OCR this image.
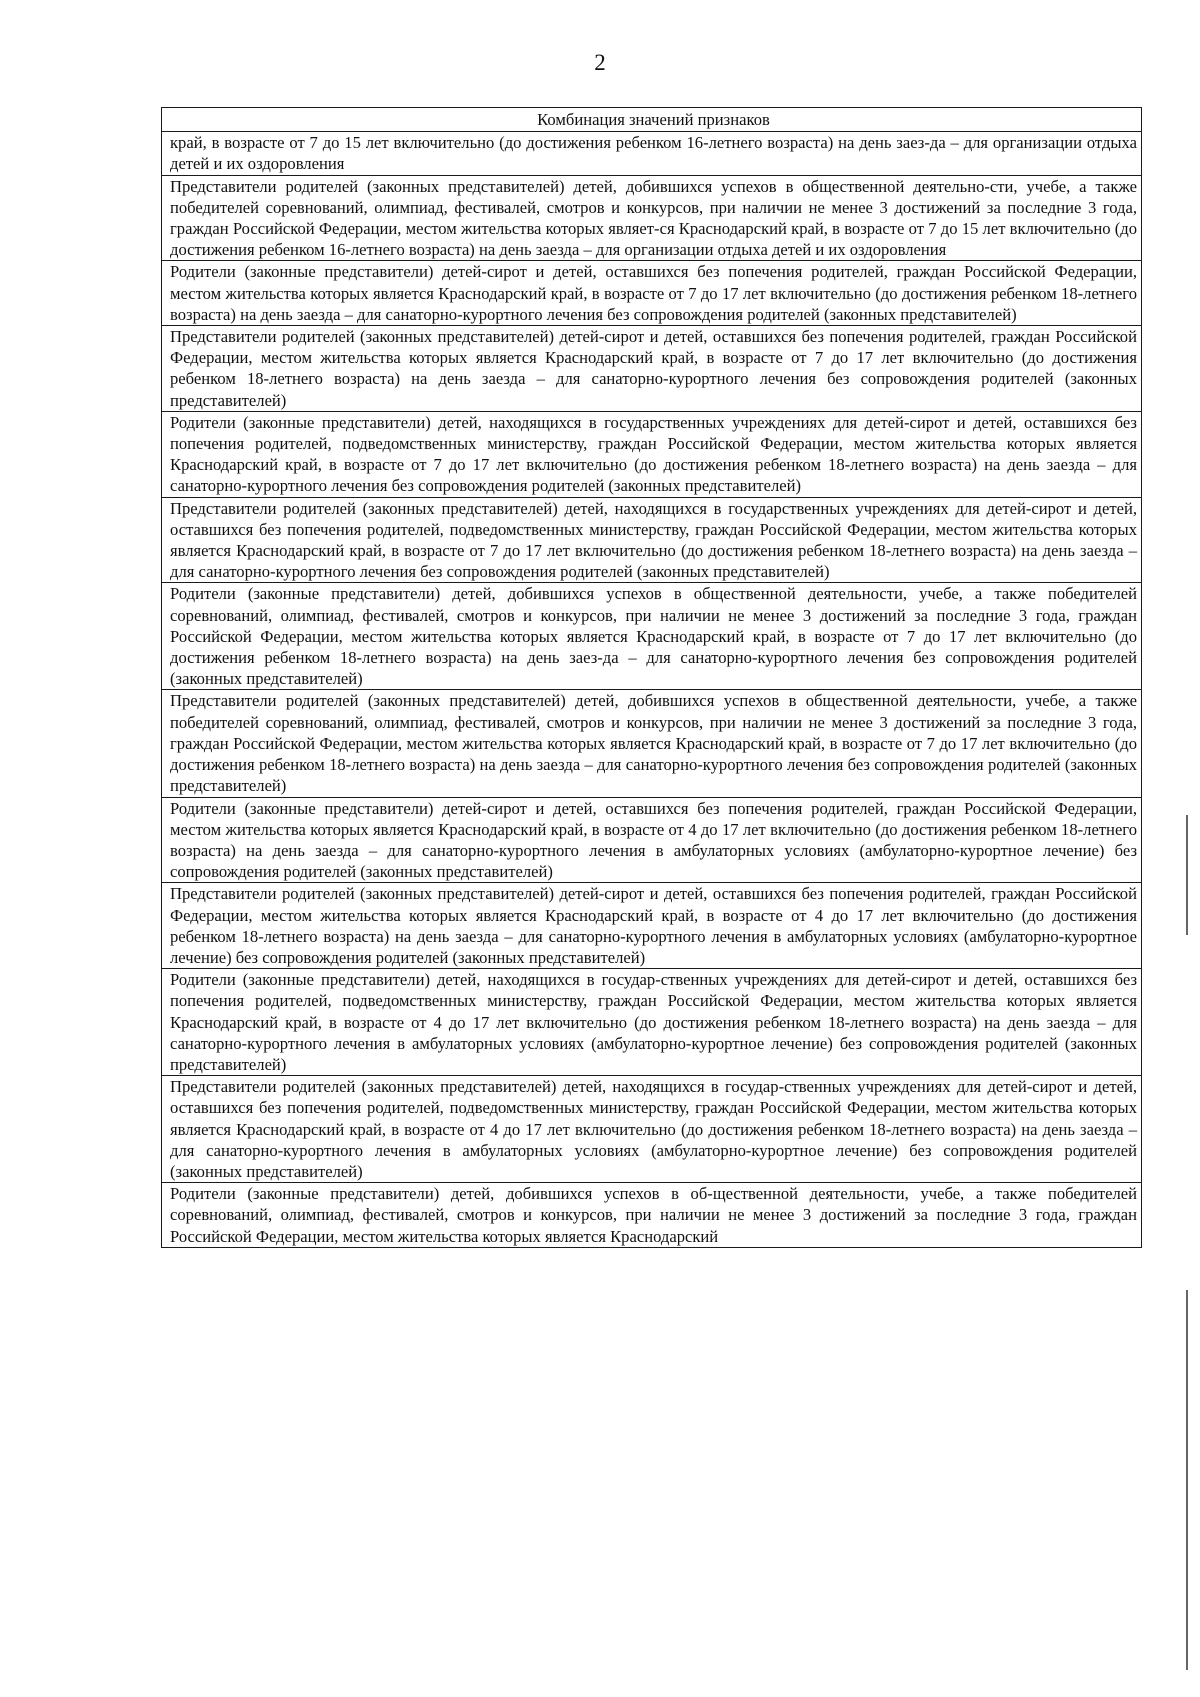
2
Комбинация значений признаков
край, в возрасте от 7 до 15 лет включительно (до достижения ребенком 16-летнего возраста) на день заез-да – для организации отдыха детей и их оздоровления
Представители родителей (законных представителей) детей, добившихся успехов в общественной деятельно-сти, учебе, а также победителей соревнований, олимпиад, фестивалей, смотров и конкурсов, при наличии не менее 3 достижений за последние 3 года, граждан Российской Федерации, местом жительства которых являет-ся Краснодарский край, в возрасте от 7 до 15 лет включительно (до достижения ребенком 16-летнего возраста) на день заезда – для организации отдыха детей и их оздоровления
Родители (законные представители) детей-сирот и детей, оставшихся без попечения родителей, граждан Российской Федерации, местом жительства которых является Краснодарский край, в возрасте от 7 до 17 лет включительно (до достижения ребенком 18-летнего возраста) на день заезда – для санаторно-курортного лечения без сопровождения родителей (законных представителей)
Представители родителей (законных представителей) детей-сирот и детей, оставшихся без попечения родителей, граждан Российской Федерации, местом жительства которых является Краснодарский край, в возрасте от 7 до 17 лет включительно (до достижения ребенком 18-летнего возраста) на день заезда – для санаторно-курортного лечения без сопровождения родителей (законных представителей)
Родители (законные представители) детей, находящихся в государственных учреждениях для детей-сирот и детей, оставшихся без попечения родителей, подведомственных министерству, граждан Российской Федерации, местом жительства которых является Краснодарский край, в возрасте от 7 до 17 лет включительно (до достижения ребенком 18-летнего возраста) на день заезда – для санаторно-курортного лечения без сопровождения родителей (законных представителей)
Представители родителей (законных представителей) детей, находящихся в государственных учреждениях для детей-сирот и детей, оставшихся без попечения родителей, подведомственных министерству, граждан Российской Федерации, местом жительства которых является Краснодарский край, в возрасте от 7 до 17 лет включительно (до достижения ребенком 18-летнего возраста) на день заезда – для санаторно-курортного лечения без сопровождения родителей (законных представителей)
Родители (законные представители) детей, добившихся успехов в общественной деятельности, учебе, а также победителей соревнований, олимпиад, фестивалей, смотров и конкурсов, при наличии не менее 3 достижений за последние 3 года, граждан Российской Федерации, местом жительства которых является Краснодарский край, в возрасте от 7 до 17 лет включительно (до достижения ребенком 18-летнего возраста) на день заез-да – для санаторно-курортного лечения без сопровождения родителей (законных представителей)
Представители родителей (законных представителей) детей, добившихся успехов в общественной деятельности, учебе, а также победителей соревнований, олимпиад, фестивалей, смотров и конкурсов, при наличии не менее 3 достижений за последние 3 года, граждан Российской Федерации, местом жительства которых является Краснодарский край, в возрасте от 7 до 17 лет включительно (до достижения ребенком 18-летнего возраста) на день заезда – для санаторно-курортного лечения без сопровождения родителей (законных представителей)
Родители (законные представители) детей-сирот и детей, оставшихся без попечения родителей, граждан Российской Федерации, местом жительства которых является Краснодарский край, в возрасте от 4 до 17 лет включительно (до достижения ребенком 18-летнего возраста) на день заезда – для санаторно-курортного лечения в амбулаторных условиях (амбулаторно-курортное лечение) без сопровождения родителей (законных представителей)
Представители родителей (законных представителей) детей-сирот и детей, оставшихся без попечения родителей, граждан Российской Федерации, местом жительства которых является Краснодарский край, в возрасте от 4 до 17 лет включительно (до достижения ребенком 18-летнего возраста) на день заезда – для санаторно-курортного лечения в амбулаторных условиях (амбулаторно-курортное лечение) без сопровождения родителей (законных представителей)
Родители (законные представители) детей, находящихся в государ-ственных учреждениях для детей-сирот и детей, оставшихся без попечения родителей, подведомственных министерству, граждан Российской Федерации, местом жительства которых является Краснодарский край, в возрасте от 4 до 17 лет включительно (до достижения ребенком 18-летнего возраста) на день заезда – для санаторно-курортного лечения в амбулаторных условиях (амбулаторно-курортное лечение) без сопровождения родителей (законных представителей)
Представители родителей (законных представителей) детей, находящихся в государ-ственных учреждениях для детей-сирот и детей, оставшихся без попечения родителей, подведомственных министерству, граждан Российской Федерации, местом жительства которых является Краснодарский край, в возрасте от 4 до 17 лет включительно (до достижения ребенком 18-летнего возраста) на день заезда – для санаторно-курортного лечения в амбулаторных условиях (амбулаторно-курортное лечение) без сопровождения родителей (законных представителей)
Родители (законные представители) детей, добившихся успехов в об-щественной деятельности, учебе, а также победителей соревнований, олимпиад, фестивалей, смотров и конкурсов, при наличии не менее 3 достижений за последние 3 года, граждан Российской Федерации, местом жительства которых является Краснодарский
